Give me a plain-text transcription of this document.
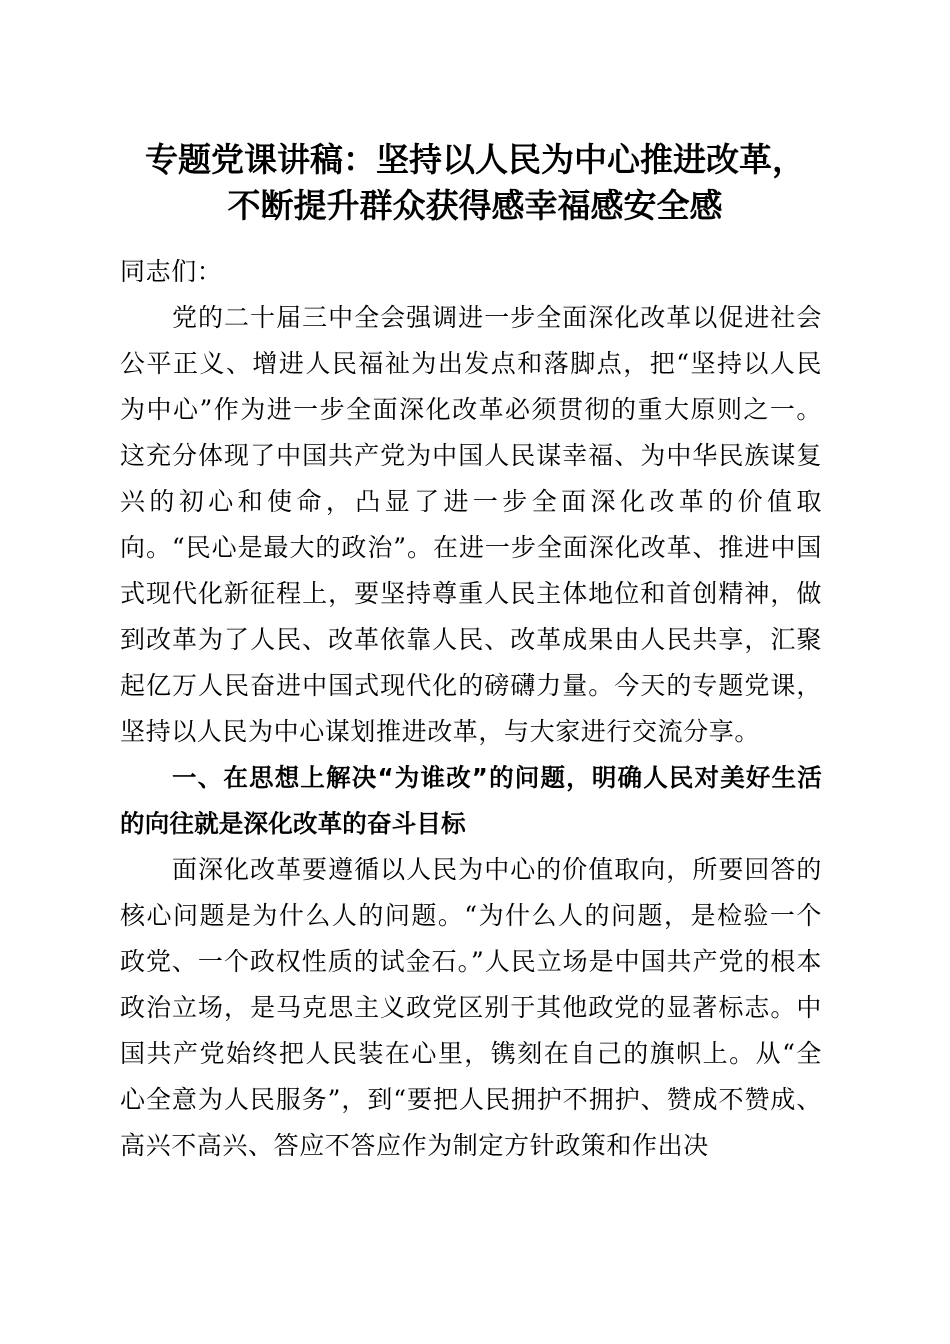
专题党课讲稿：坚持以人民为中心推进改革，
不断提升群众获得感幸福感安全感

同志们：

党的二十届三中全会强调进一步全面深化改革以促进社会公平正义、增进人民福祉为出发点和落脚点，把“坚持以人民为中心”作为进一步全面深化改革必须贯彻的重大原则之一。这充分体现了中国共产党为中国人民谋幸福、为中华民族谋复兴的初心和使命，凸显了进一步全面深化改革的价值取向。“民心是最大的政治”。在进一步全面深化改革、推进中国式现代化新征程上，要坚持尊重人民主体地位和首创精神，做到改革为了人民、改革依靠人民、改革成果由人民共享，汇聚起亿万人民奋进中国式现代化的磅礴力量。今天的专题党课，坚持以人民为中心谋划推进改革，与大家进行交流分享。

一、在思想上解决“为谁改”的问题，明确人民对美好生活的向往就是深化改革的奋斗目标

面深化改革要遵循以人民为中心的价值取向，所要回答的核心问题是为什么人的问题。“为什么人的问题，是检验一个政党、一个政权性质的试金石。”人民立场是中国共产党的根本政治立场，是马克思主义政党区别于其他政党的显著标志。中国共产党始终把人民装在心里，镌刻在自己的旗帜上。从“全心全意为人民服务”，到“要把人民拥护不拥护、赞成不赞成、高兴不高兴、答应不答应作为制定方针政策和作出决
